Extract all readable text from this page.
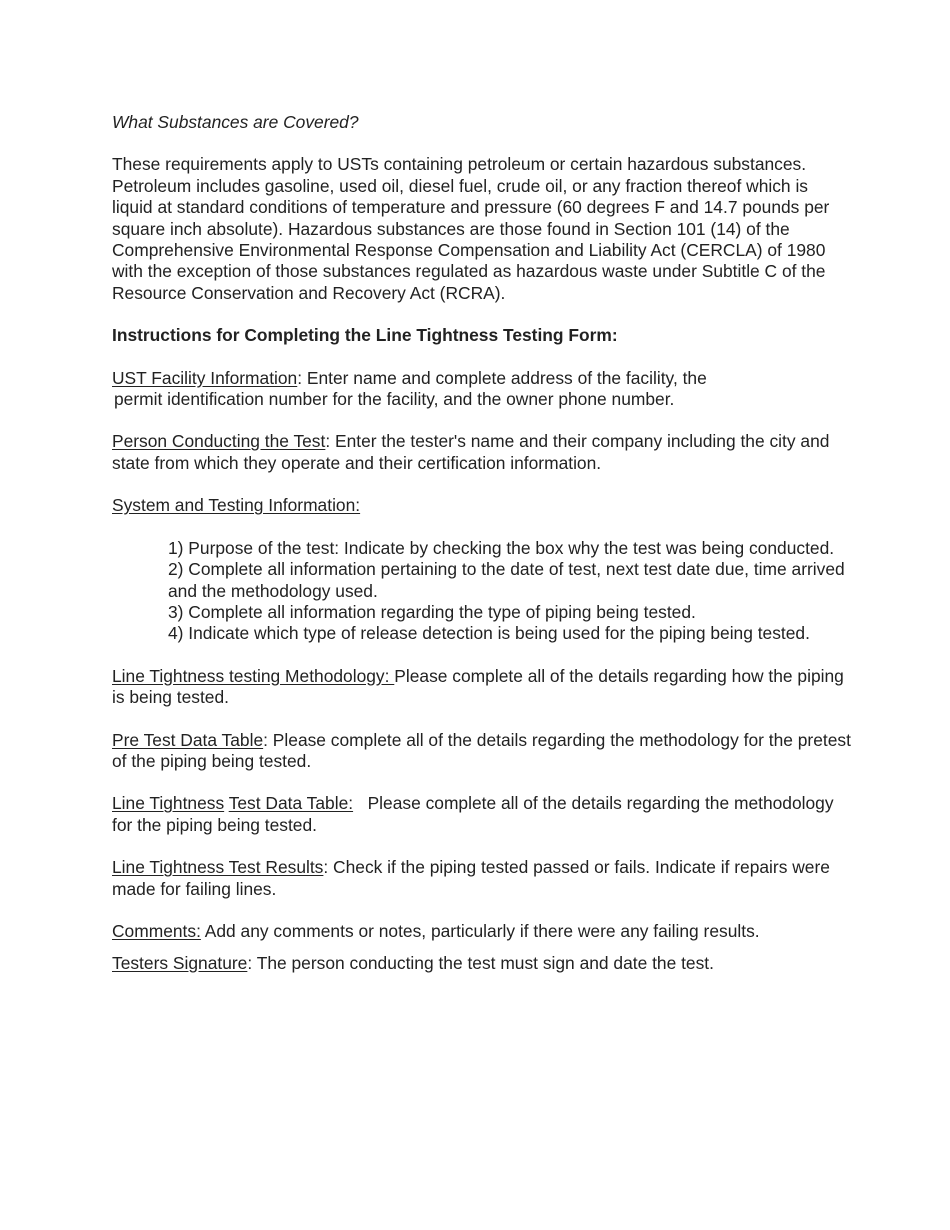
What Substances are Covered?

These requirements apply to USTs containing petroleum or certain hazardous substances. Petroleum includes gasoline, used oil, diesel fuel, crude oil, or any fraction thereof which is liquid at standard conditions of temperature and pressure (60 degrees F and 14.7 pounds per square inch absolute). Hazardous substances are those found in Section 101 (14) of the Comprehensive Environmental Response Compensation and Liability Act (CERCLA) of 1980 with the exception of those substances regulated as hazardous waste under Subtitle C of the Resource Conservation and Recovery Act (RCRA).

Instructions for Completing the Line Tightness Testing Form:

UST Facility Information: Enter name and complete address of the facility, the

permit identification number for the facility, and the owner phone number.

Person Conducting the Test: Enter the tester's name and their company including the city and state from which they operate and their certification information.

System and Testing Information:

1) Purpose of the test: Indicate by checking the box why the test was being conducted.
2) Complete all information pertaining to the date of test, next test date due, time arrived and the methodology used.
3) Complete all information regarding the type of piping being tested.
4) Indicate which type of release detection is being used for the piping being tested.

Line Tightness testing Methodology: Please complete all of the details regarding how the piping is being tested.

Pre Test Data Table: Please complete all of the details regarding the methodology for the pretest of the piping being tested.

Line Tightness Test Data Table:   Please complete all of the details regarding the methodology for the piping being tested.

Line Tightness Test Results: Check if the piping tested passed or fails. Indicate if repairs were made for failing lines.

Comments: Add any comments or notes, particularly if there were any failing results.

Testers Signature: The person conducting the test must sign and date the test.
